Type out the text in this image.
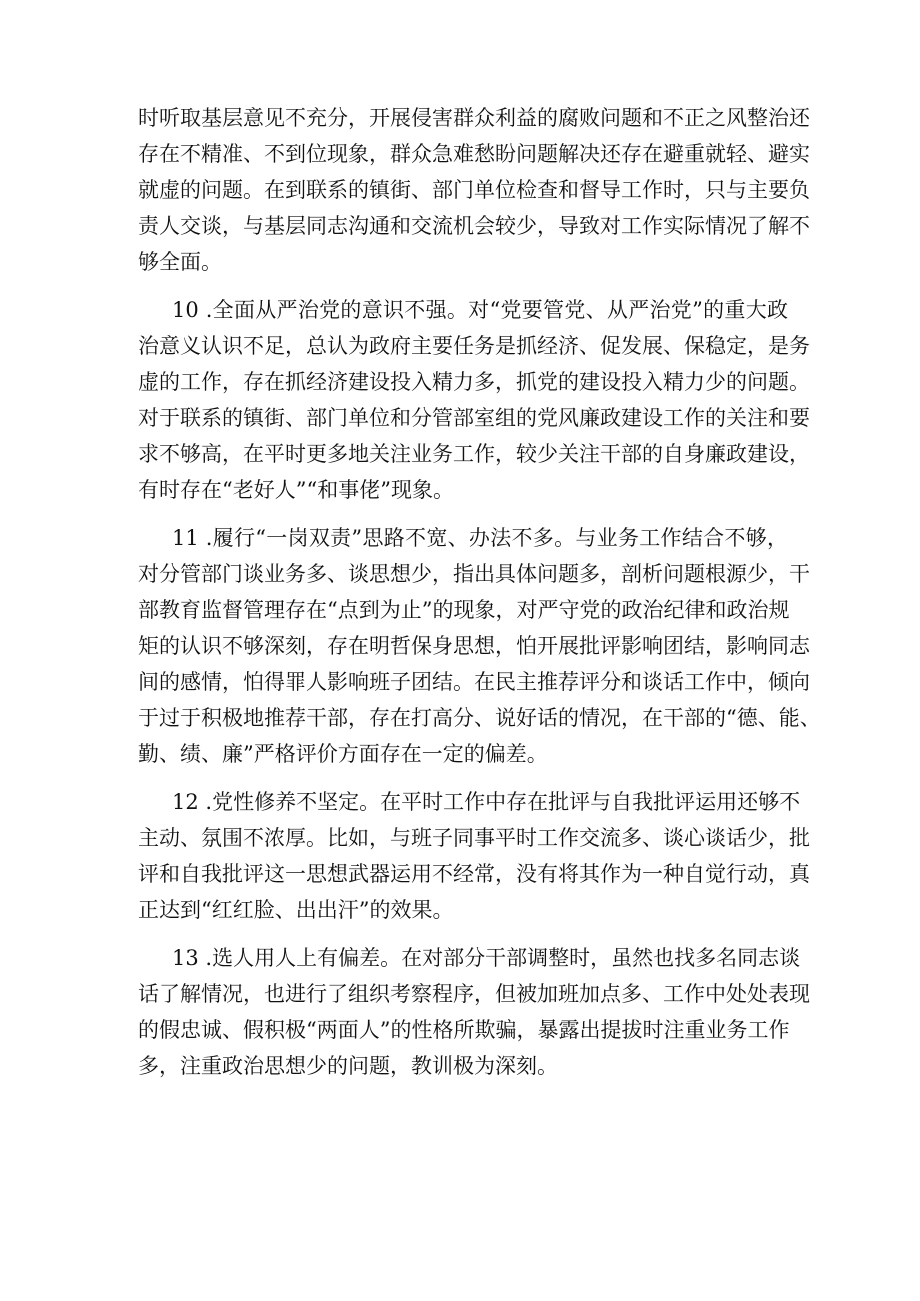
时听取基层意见不充分，开展侵害群众利益的腐败问题和不正之风整治还
存在不精准、不到位现象，群众急难愁盼问题解决还存在避重就轻、避实
就虚的问题。在到联系的镇街、部门单位检查和督导工作时，只与主要负
责人交谈，与基层同志沟通和交流机会较少，导致对工作实际情况了解不
够全面。
10 .全面从严治党的意识不强。对“党要管党、从严治党”的重大政
治意义认识不足，总认为政府主要任务是抓经济、促发展、保稳定，是务
虚的工作，存在抓经济建设投入精力多，抓党的建设投入精力少的问题。
对于联系的镇街、部门单位和分管部室组的党风廉政建设工作的关注和要
求不够高，在平时更多地关注业务工作，较少关注干部的自身廉政建设，
有时存在“老好人”“和事佬”现象。
11 .履行“一岗双责”思路不宽、办法不多。与业务工作结合不够，
对分管部门谈业务多、谈思想少，指出具体问题多，剖析问题根源少，干
部教育监督管理存在“点到为止”的现象，对严守党的政治纪律和政治规
矩的认识不够深刻，存在明哲保身思想，怕开展批评影响团结，影响同志
间的感情，怕得罪人影响班子团结。在民主推荐评分和谈话工作中，倾向
于过于积极地推荐干部，存在打高分、说好话的情况，在干部的“德、能、
勤、绩、廉”严格评价方面存在一定的偏差。
12 .党性修养不坚定。在平时工作中存在批评与自我批评运用还够不
主动、氛围不浓厚。比如，与班子同事平时工作交流多、谈心谈话少，批
评和自我批评这一思想武器运用不经常，没有将其作为一种自觉行动，真
正达到“红红脸、出出汗”的效果。
13 .选人用人上有偏差。在对部分干部调整时，虽然也找多名同志谈
话了解情况，也进行了组织考察程序，但被加班加点多、工作中处处表现
的假忠诚、假积极“两面人”的性格所欺骗，暴露出提拔时注重业务工作
多，注重政治思想少的问题，教训极为深刻。
